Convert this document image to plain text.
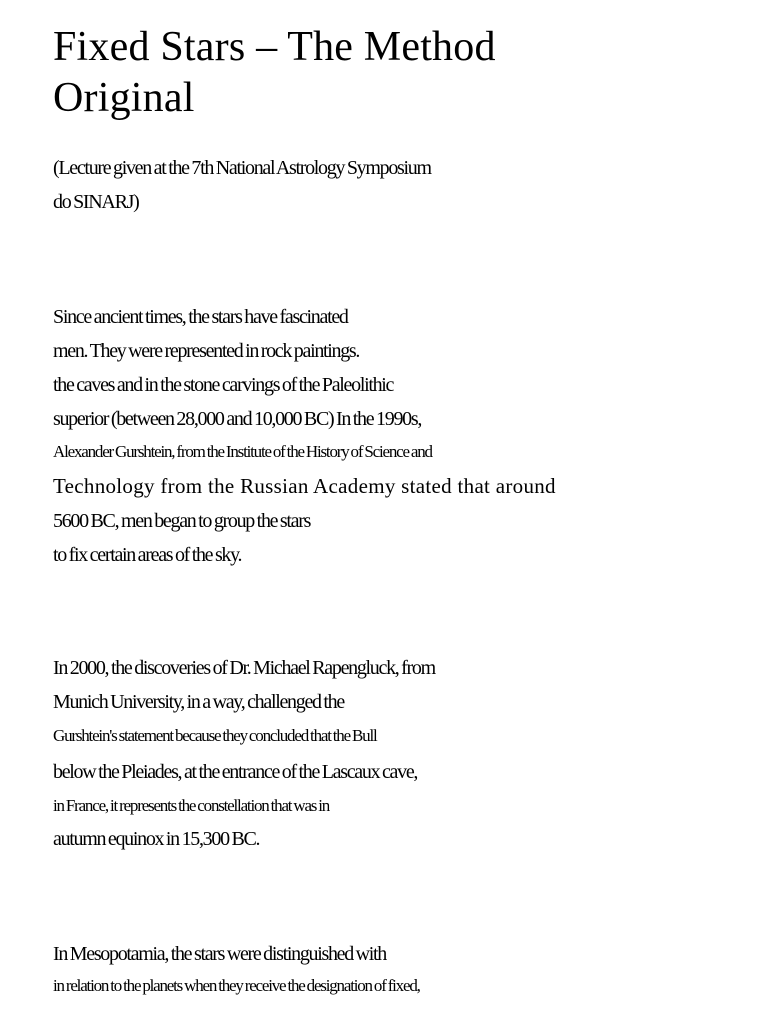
Fixed Stars – The Method
Original

(Lecture given at the 7th National Astrology Symposium

do SINARJ)

Since ancient times, the stars have fascinated

men. They were represented in rock paintings.

the caves and in the stone carvings of the Paleolithic

superior (between 28,000 and 10,000 BC) In the 1990s,

Alexander Gurshtein, from the Institute of the History of Science and

Technology from the Russian Academy stated that around

5600 BC, men began to group the stars

to fix certain areas of the sky.

In 2000, the discoveries of Dr. Michael Rapengluck, from

Munich University, in a way, challenged the

Gurshtein's statement because they concluded that the Bull

below the Pleiades, at the entrance of the Lascaux cave,

in France, it represents the constellation that was in

autumn equinox in 15,300 BC.

In Mesopotamia, the stars were distinguished with

in relation to the planets when they receive the designation of fixed,
